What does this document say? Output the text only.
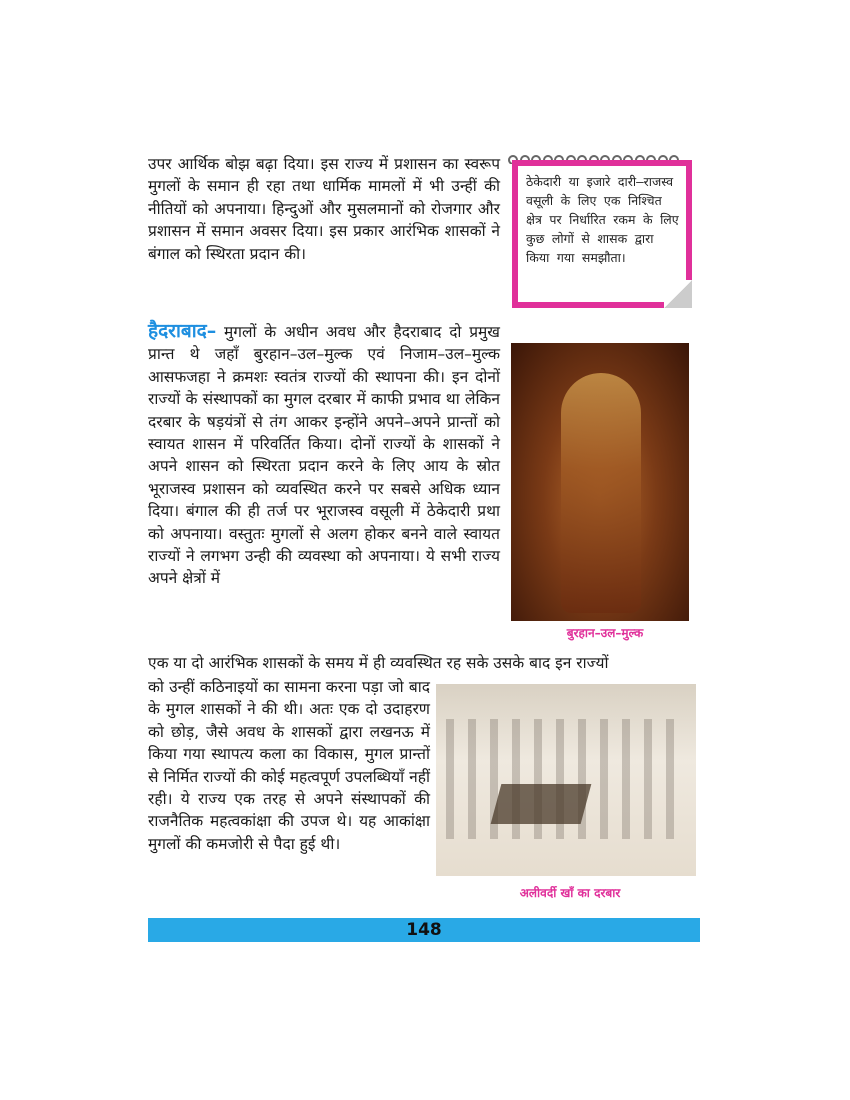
उपर आर्थिक बोझ बढ़ा दिया। इस राज्य में प्रशासन का स्वरूप मुगलों के समान ही रहा तथा धार्मिक मामलों में भी उन्हीं की नीतियों को अपनाया। हिन्दुओं और मुसलमानों को रोजगार और प्रशासन में समान अवसर दिया। इस प्रकार आरंभिक शासकों ने बंगाल को स्थिरता प्रदान की।

ठेकेदारी या इजारे दारी–राजस्व वसूली के लिए एक निश्चित क्षेत्र पर निर्धारित रकम के लिए कुछ लोगों से शासक द्वारा किया गया समझौता।

हैदराबाद– मुगलों के अधीन अवध और हैदराबाद दो प्रमुख प्रान्त थे जहाँ बुरहान–उल–मुल्क एवं निजाम–उल–मुल्क आसफजहा ने क्रमशः स्वतंत्र राज्यों की स्थापना की। इन दोनों राज्यों के संस्थापकों का मुगल दरबार में काफी प्रभाव था लेकिन दरबार के षड़यंत्रों से तंग आकर इन्होंने अपने–अपने प्रान्तों को स्वायत शासन में परिवर्तित किया। दोनों राज्यों के शासकों ने अपने शासन को स्थिरता प्रदान करने के लिए आय के स्रोत भूराजस्व प्रशासन को व्यवस्थित करने पर सबसे अधिक ध्यान दिया। बंगाल की ही तर्ज पर भूराजस्व वसूली में ठेकेदारी प्रथा को अपनाया। वस्तुतः मुगलों से अलग होकर बनने वाले स्वायत राज्यों ने लगभग उन्ही की व्यवस्था को अपनाया। ये सभी राज्य अपने क्षेत्रों में

बुरहान–उल–मुल्क

एक या दो आरंभिक शासकों के समय में ही व्यवस्थित रह सके उसके बाद इन राज्यों

को उन्हीं कठिनाइयों का सामना करना पड़ा जो बाद के मुगल शासकों ने की थी। अतः एक दो उदाहरण को छोड़, जैसे अवध के शासकों द्वारा लखनऊ में किया गया स्थापत्य कला का विकास, मुगल प्रान्तों से निर्मित राज्यों की कोई महत्वपूर्ण उपलब्धियाँ नहीं रही। ये राज्य एक तरह से अपने संस्थापकों की राजनैतिक महत्वकांक्षा की उपज थे। यह आकांक्षा मुगलों की कमजोरी से पैदा हुई थी।

अलीवर्दी खाँ का दरबार
148
